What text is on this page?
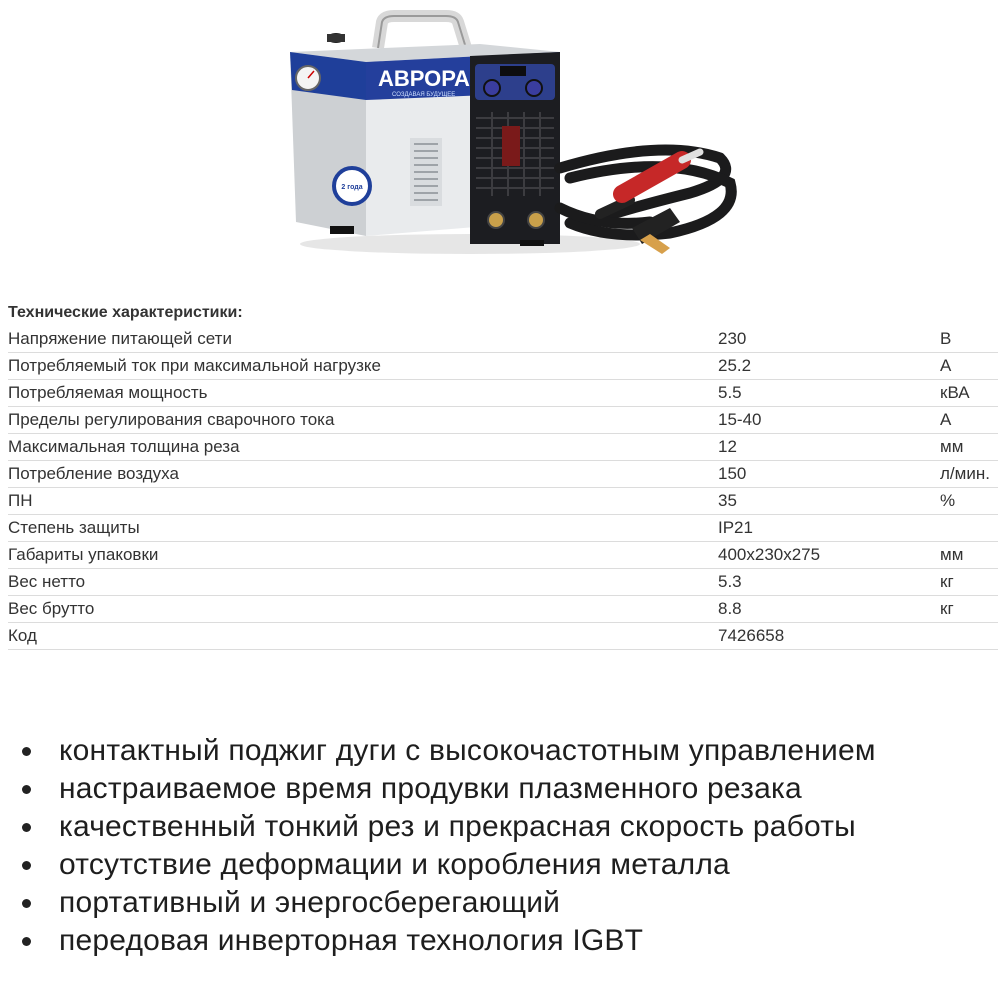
АВРОРА
СОЗДАВАЯ БУДУЩЕЕ
2 года
Технические характеристики:
Напряжение питающей сети	230	В
Потребляемый ток при максимальной нагрузке	25.2	А
Потребляемая мощность	5.5	кВА
Пределы регулирования сварочного тока	15-40	А
Максимальная толщина реза	12	мм
Потребление воздуха	150	л/мин.
ПН	35	%
Степень защиты	IP21	
Габариты упаковки	400х230х275	мм
Вес нетто	5.3	кг
Вес брутто	8.8	кг
Код	7426658	
контактный поджиг дуги с высокочастотным управлением
настраиваемое время продувки плазменного резака
качественный тонкий рез и прекрасная скорость работы
отсутствие деформации и коробления металла
портативный и энергосберегающий
передовая инверторная технология IGBT
